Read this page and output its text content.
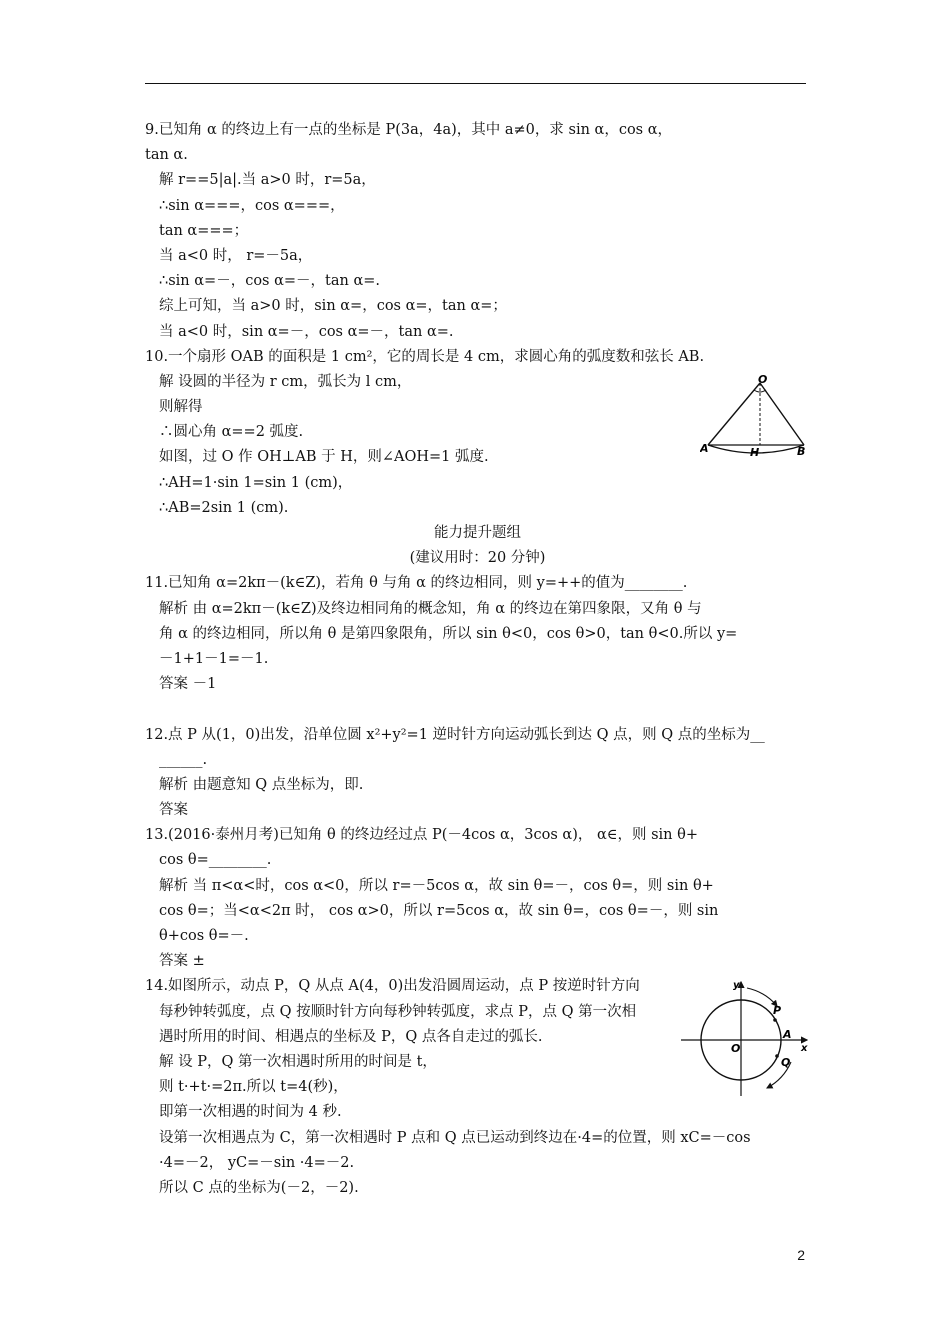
9.已知角 α 的终边上有一点的坐标是 P(3a，4a)，其中 a≠0，求 sin α，cos α，
tan α.
解 r==5|a|.当 a>0 时，r=5a，
∴sin α===，cos α===，
tan α===；
当 a<0 时， r=－5a，
∴sin α=－，cos α=－，tan α=.
综上可知，当 a>0 时，sin α=，cos α=，tan α=；
当 a<0 时，sin α=－，cos α=－，tan α=.
10.一个扇形 OAB 的面积是 1 cm²，它的周长是 4 cm，求圆心角的弧度数和弦长 AB.
解 设圆的半径为 r cm，弧长为 l cm，
则解得
∴圆心角 α==2 弧度.
如图，过 O 作 OH⊥AB 于 H，则∠AOH=1 弧度.
∴AH=1·sin 1=sin 1 (cm)，
∴AB=2sin 1 (cm).
能力提升题组
(建议用时：20 分钟)
11.已知角 α=2kπ－(k∈Z)，若角 θ 与角 α 的终边相同，则 y=++的值为________.
解析 由 α=2kπ－(k∈Z)及终边相同角的概念知，角 α 的终边在第四象限，又角 θ 与
角 α 的终边相同，所以角 θ 是第四象限角，所以 sin θ<0，cos θ>0，tan θ<0.所以 y=
－1+1－1=－1.
答案 －1
12.点 P 从(1，0)出发，沿单位圆 x²+y²=1 逆时针方向运动弧长到达 Q 点，则 Q 点的坐标为__
______.
解析 由题意知 Q 点坐标为，即.
答案
13.(2016·泰州月考)已知角 θ 的终边经过点 P(－4cos α，3cos α)， α∈，则 sin θ+
cos θ=________.
解析 当 π<α<时，cos α<0，所以 r=－5cos α，故 sin θ=－，cos θ=，则 sin θ+
cos θ=；当<α<2π 时， cos α>0，所以 r=5cos α，故 sin θ=，cos θ=－，则 sin
θ+cos θ=－.
答案 ±
14.如图所示，动点 P，Q 从点 A(4，0)出发沿圆周运动，点 P 按逆时针方向
每秒钟转弧度，点 Q 按顺时针方向每秒钟转弧度，求点 P，点 Q 第一次相
遇时所用的时间、相遇点的坐标及 P，Q 点各自走过的弧长.
解 设 P，Q 第一次相遇时所用的时间是 t，
则 t·+t·=2π.所以 t=4(秒)，
即第一次相遇的时间为 4 秒.
设第一次相遇点为 C，第一次相遇时 P 点和 Q 点已运动到终边在·4=的位置，则 xC=－cos
·4=－2， yC=－sin ·4=－2.
所以 C 点的坐标为(－2，－2).
O
A	H	B
y
x
O
A
P
Q
2
